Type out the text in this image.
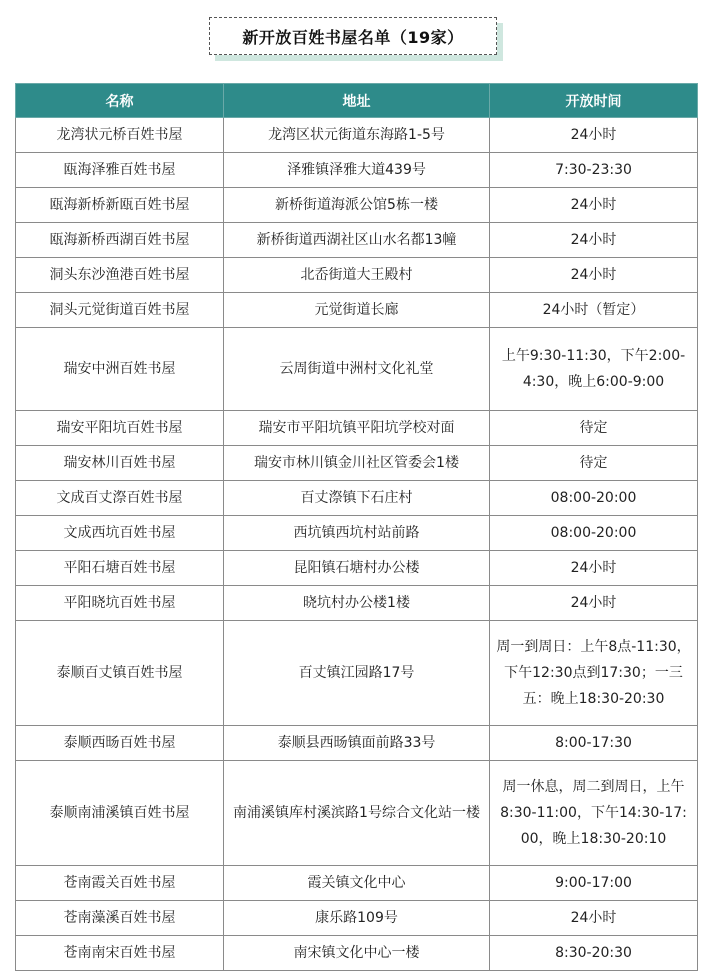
新开放百姓书屋名单（19家）
名称	地址	开放时间
龙湾状元桥百姓书屋	龙湾区状元街道东海路1-5号	24小时
瓯海泽雅百姓书屋	泽雅镇泽雅大道439号	7:30-23:30
瓯海新桥新瓯百姓书屋	新桥街道海派公馆5栋一楼	24小时
瓯海新桥西湖百姓书屋	新桥街道西湖社区山水名都13幢	24小时
洞头东沙渔港百姓书屋	北岙街道大王殿村	24小时
洞头元觉街道百姓书屋	元觉街道长廊	24小时（暂定）
瑞安中洲百姓书屋	云周街道中洲村文化礼堂	上午9:30-11:30，下午2:00-4:30，晚上6:00-9:00
瑞安平阳坑百姓书屋	瑞安市平阳坑镇平阳坑学校对面	待定
瑞安林川百姓书屋	瑞安市林川镇金川社区管委会1楼	待定
文成百丈漈百姓书屋	百丈漈镇下石庄村	08:00-20:00
文成西坑百姓书屋	西坑镇西坑村站前路	08:00-20:00
平阳石塘百姓书屋	昆阳镇石塘村办公楼	24小时
平阳晓坑百姓书屋	晓坑村办公楼1楼	24小时
泰顺百丈镇百姓书屋	百丈镇江园路17号	周一到周日：上午8点-11:30，下午12:30点到17:30；一三五：晚上18:30-20:30
泰顺西旸百姓书屋	泰顺县西旸镇面前路33号	8:00-17:30
泰顺南浦溪镇百姓书屋	南浦溪镇库村溪滨路1号综合文化站一楼	周一休息，周二到周日，上午8:30-11:00，下午14:30-17:00，晚上18:30-20:10
苍南霞关百姓书屋	霞关镇文化中心	9:00-17:00
苍南藻溪百姓书屋	康乐路109号	24小时
苍南南宋百姓书屋	南宋镇文化中心一楼	8:30-20:30
